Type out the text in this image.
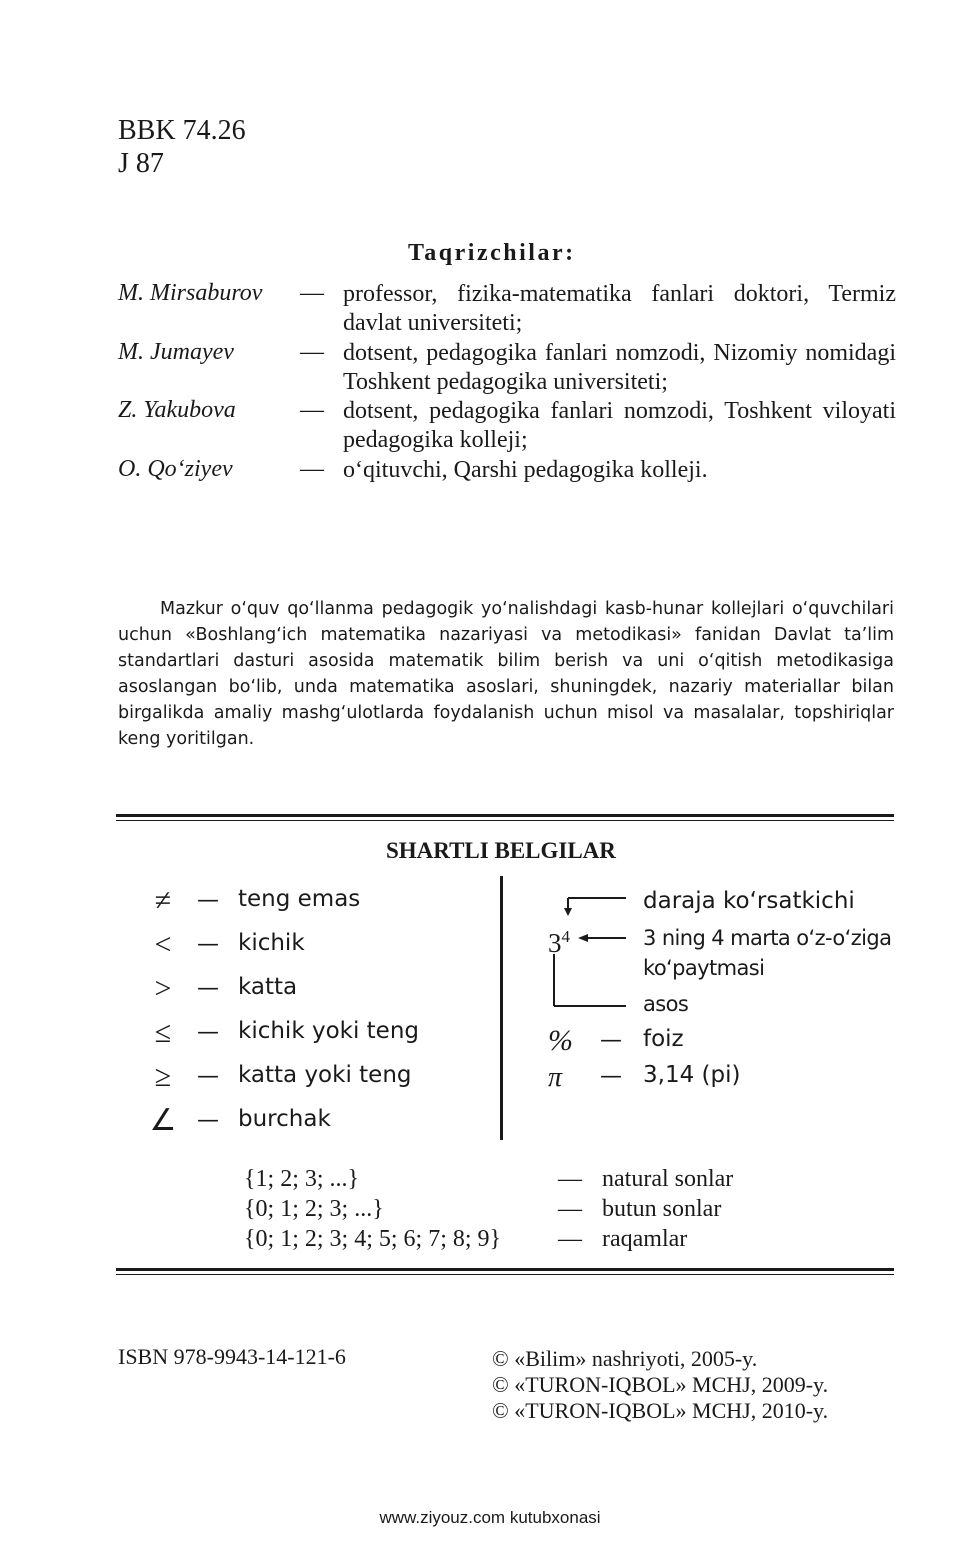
BBK 74.26
J 87
Taqrizchilar:
M. Mirsaburov — professor, fizika-matematika fanlari doktori, Termiz davlat universiteti;
M. Jumayev	— dotsent, pedagogika fanlari nomzodi, Nizomiy nomidagi Toshkent pedagogika universiteti;
Z. Yakubova	— dotsent, pedagogika fanlari nomzodi, Toshkent viloyati pedagogika kolleji;
O. Qo‘ziyev	— o‘qituvchi, Qarshi pedagogika kolleji.
Mazkur o‘quv qo‘llanma pedagogik yo‘nalishdagi kasb-hunar kollejlari o‘quvchilari uchun «Boshlang‘ich matematika nazariyasi va metodikasi» fanidan Davlat ta’lim standartlari dasturi asosida matematik bilim berish va uni o‘qitish metodikasiga asoslangan bo‘lib, unda matematika asoslari, shuningdek, nazariy materiallar bilan birgalikda amaliy mashg‘ulotlarda foydalanish uchun misol va masalalar, topshiriqlar keng yoritilgan.
SHARTLI BELGILAR
≠	— teng emas
<	— kichik
>	— katta
≤	— kichik yoki teng
≥	— katta yoki teng
∠ — burchak
$3^4$
daraja ko‘rsatkichi
3 ning 4 marta o‘z-o‘ziga
ko‘paytmasi
asos
% — foiz
π — 3,14 (pi)
{1; 2; 3; ...}	— natural sonlar
{0; 1; 2; 3; ...}	— butun sonlar
{0; 1; 2; 3; 4; 5; 6; 7; 8; 9} — raqamlar
ISBN 978-9943-14-121-6	© «Bilim» nashriyoti, 2005-y.
© «TURON-IQBOL» MCHJ, 2009-y.
© «TURON-IQBOL» MCHJ, 2010-y.
www.ziyouz.com kutubxonasi
